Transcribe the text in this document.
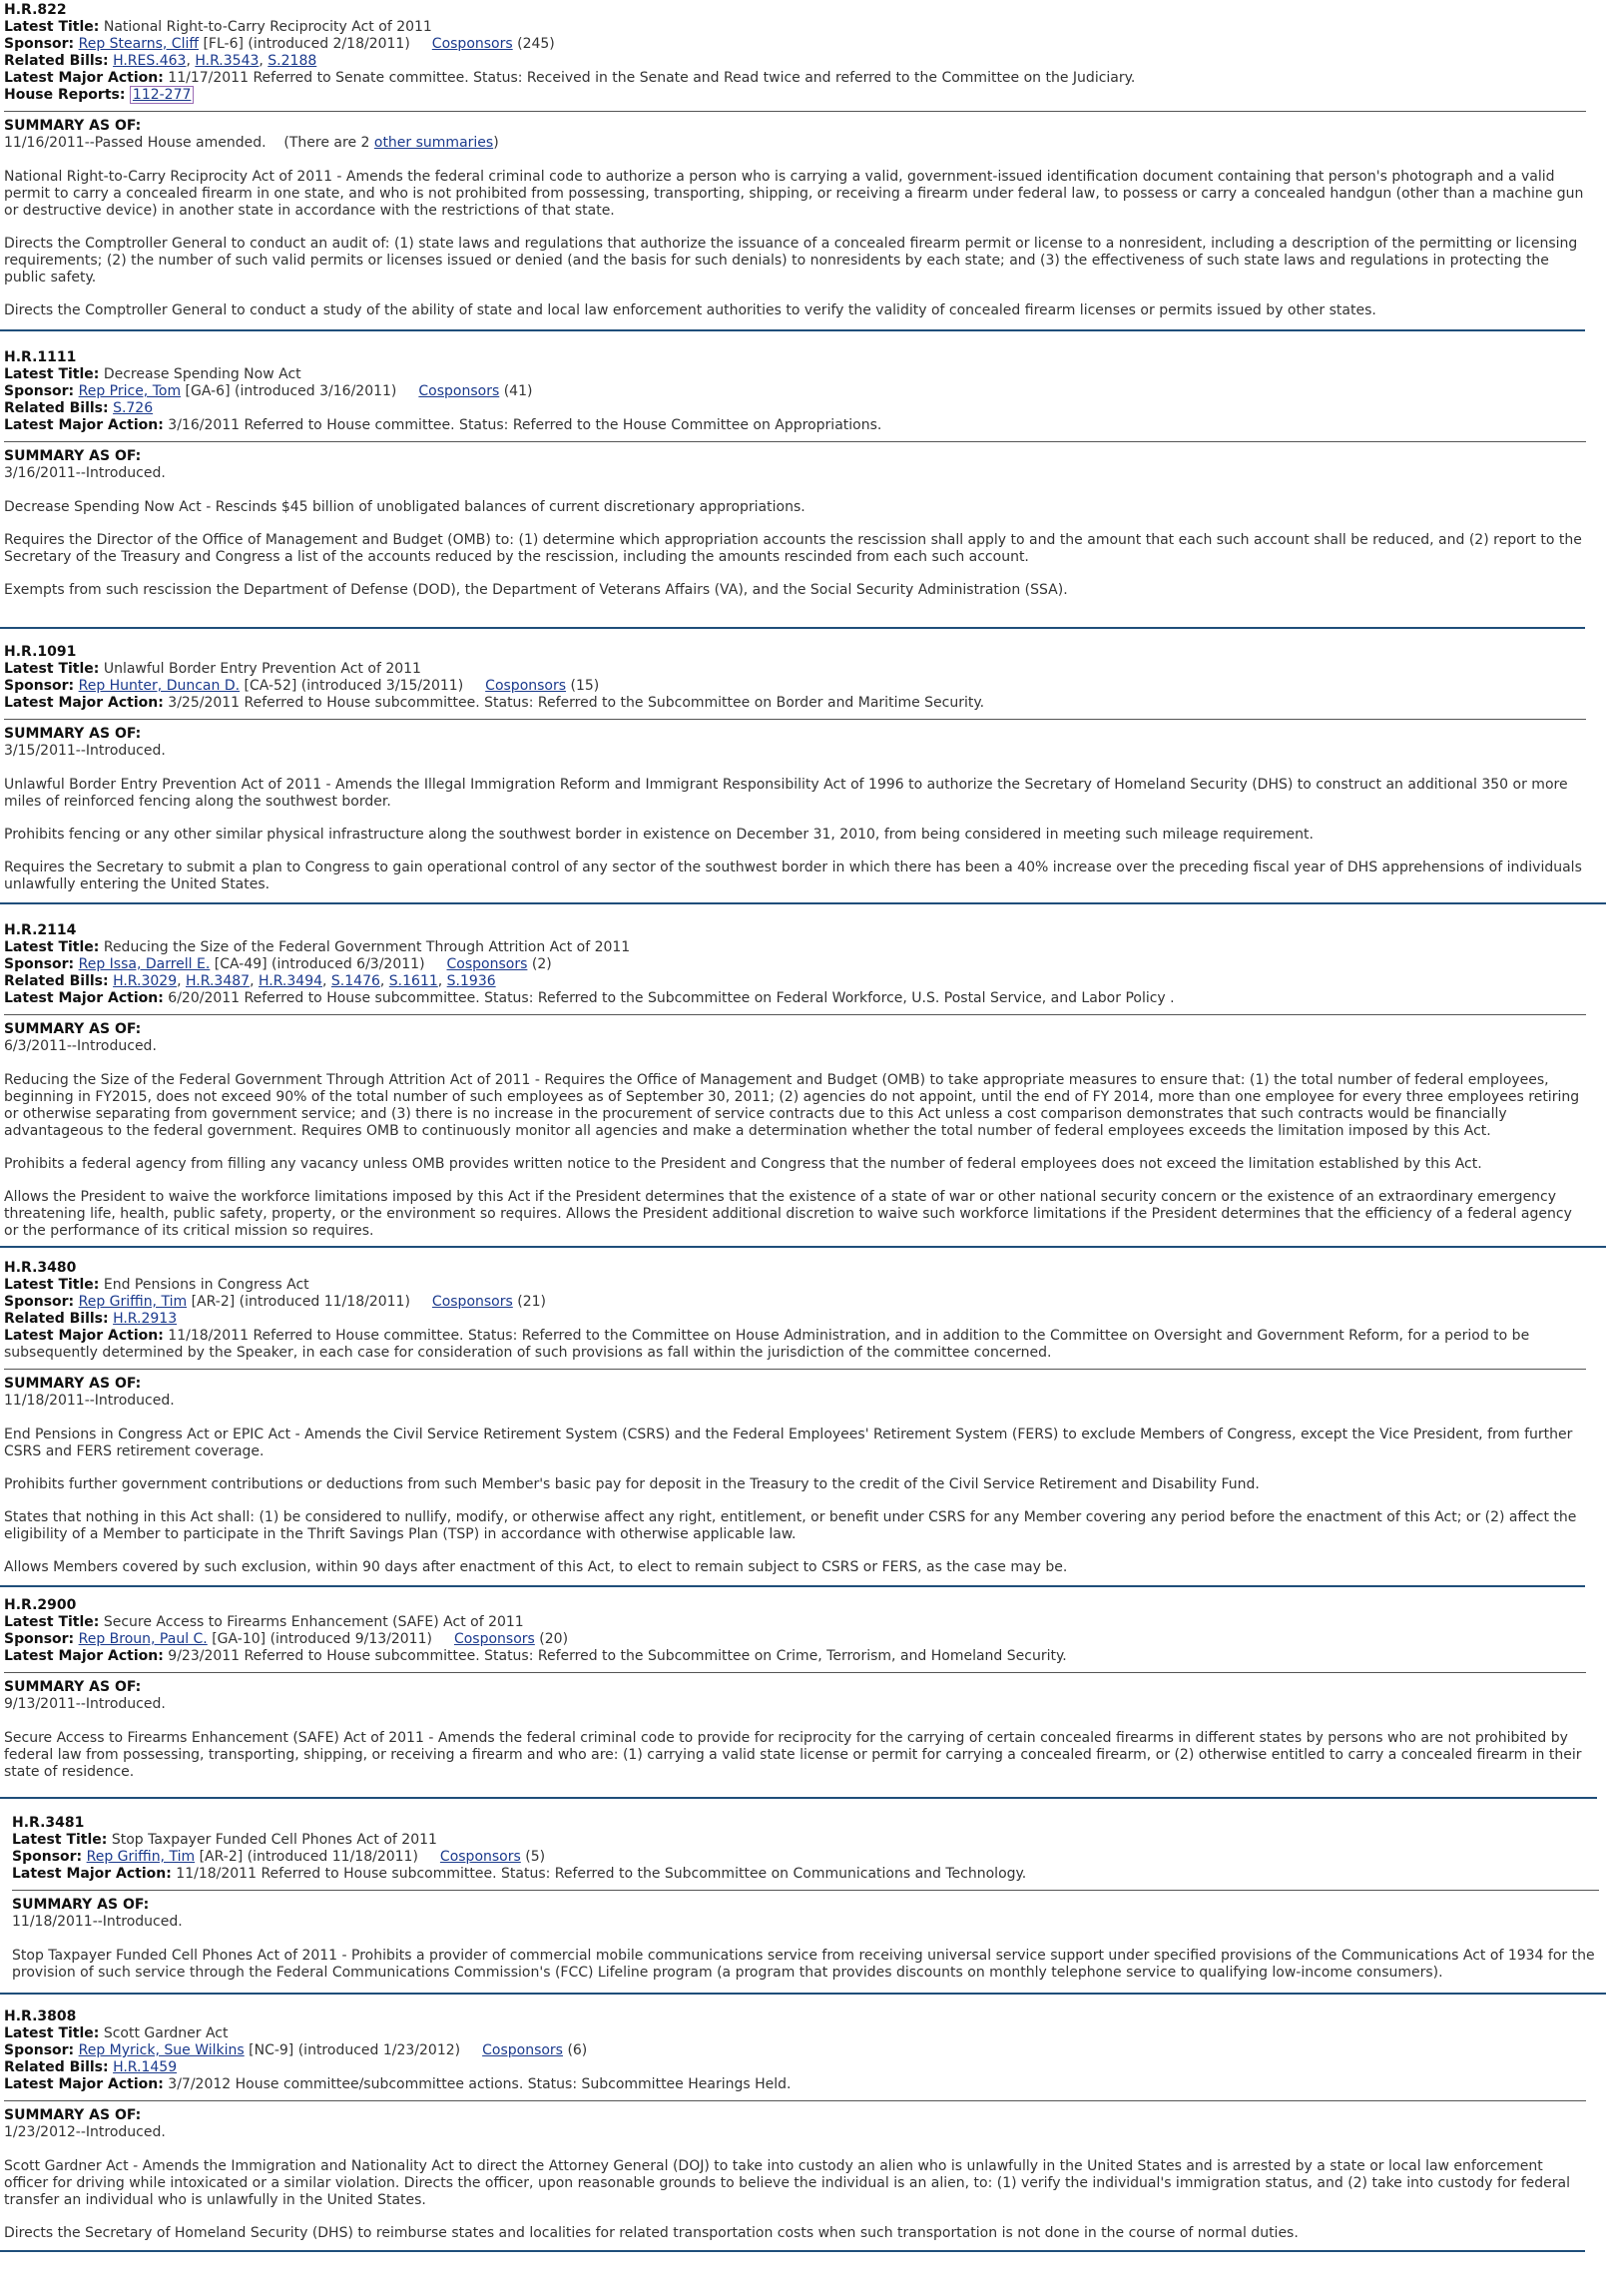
H.R.822
Latest Title: National Right-to-Carry Reciprocity Act of 2011
Sponsor: Rep Stearns, Cliff [FL-6] (introduced 2/18/2011) Cosponsors (245)
Related Bills: H.RES.463, H.R.3543, S.2188
Latest Major Action: 11/17/2011 Referred to Senate committee. Status: Received in the Senate and Read twice and referred to the Committee on the Judiciary.
House Reports: 112-277
SUMMARY AS OF:
11/16/2011--Passed House amended. (There are 2 other summaries)

National Right-to-Carry Reciprocity Act of 2011 - Amends the federal criminal code to authorize a person who is carrying a valid, government-issued identification document containing that person's photograph and a valid permit to carry a concealed firearm in one state, and who is not prohibited from possessing, transporting, shipping, or receiving a firearm under federal law, to possess or carry a concealed handgun (other than a machine gun or destructive device) in another state in accordance with the restrictions of that state.

Directs the Comptroller General to conduct an audit of: (1) state laws and regulations that authorize the issuance of a concealed firearm permit or license to a nonresident, including a description of the permitting or licensing requirements; (2) the number of such valid permits or licenses issued or denied (and the basis for such denials) to nonresidents by each state; and (3) the effectiveness of such state laws and regulations in protecting the public safety.

Directs the Comptroller General to conduct a study of the ability of state and local law enforcement authorities to verify the validity of concealed firearm licenses or permits issued by other states.

H.R.1111
Latest Title: Decrease Spending Now Act
Sponsor: Rep Price, Tom [GA-6] (introduced 3/16/2011) Cosponsors (41)
Related Bills: S.726
Latest Major Action: 3/16/2011 Referred to House committee. Status: Referred to the House Committee on Appropriations.
SUMMARY AS OF:
3/16/2011--Introduced.

Decrease Spending Now Act - Rescinds $45 billion of unobligated balances of current discretionary appropriations.

Requires the Director of the Office of Management and Budget (OMB) to: (1) determine which appropriation accounts the rescission shall apply to and the amount that each such account shall be reduced, and (2) report to the Secretary of the Treasury and Congress a list of the accounts reduced by the rescission, including the amounts rescinded from each such account.

Exempts from such rescission the Department of Defense (DOD), the Department of Veterans Affairs (VA), and the Social Security Administration (SSA).

H.R.1091
Latest Title: Unlawful Border Entry Prevention Act of 2011
Sponsor: Rep Hunter, Duncan D. [CA-52] (introduced 3/15/2011) Cosponsors (15)
Latest Major Action: 3/25/2011 Referred to House subcommittee. Status: Referred to the Subcommittee on Border and Maritime Security.
SUMMARY AS OF:
3/15/2011--Introduced.

Unlawful Border Entry Prevention Act of 2011 - Amends the Illegal Immigration Reform and Immigrant Responsibility Act of 1996 to authorize the Secretary of Homeland Security (DHS) to construct an additional 350 or more miles of reinforced fencing along the southwest border.

Prohibits fencing or any other similar physical infrastructure along the southwest border in existence on December 31, 2010, from being considered in meeting such mileage requirement.

Requires the Secretary to submit a plan to Congress to gain operational control of any sector of the southwest border in which there has been a 40% increase over the preceding fiscal year of DHS apprehensions of individuals unlawfully entering the United States.

H.R.2114
Latest Title: Reducing the Size of the Federal Government Through Attrition Act of 2011
Sponsor: Rep Issa, Darrell E. [CA-49] (introduced 6/3/2011) Cosponsors (2)
Related Bills: H.R.3029, H.R.3487, H.R.3494, S.1476, S.1611, S.1936
Latest Major Action: 6/20/2011 Referred to House subcommittee. Status: Referred to the Subcommittee on Federal Workforce, U.S. Postal Service, and Labor Policy .
SUMMARY AS OF:
6/3/2011--Introduced.

Reducing the Size of the Federal Government Through Attrition Act of 2011 - Requires the Office of Management and Budget (OMB) to take appropriate measures to ensure that: (1) the total number of federal employees, beginning in FY2015, does not exceed 90% of the total number of such employees as of September 30, 2011; (2) agencies do not appoint, until the end of FY 2014, more than one employee for every three employees retiring or otherwise separating from government service; and (3) there is no increase in the procurement of service contracts due to this Act unless a cost comparison demonstrates that such contracts would be financially advantageous to the federal government. Requires OMB to continuously monitor all agencies and make a determination whether the total number of federal employees exceeds the limitation imposed by this Act.

Prohibits a federal agency from filling any vacancy unless OMB provides written notice to the President and Congress that the number of federal employees does not exceed the limitation established by this Act.

Allows the President to waive the workforce limitations imposed by this Act if the President determines that the existence of a state of war or other national security concern or the existence of an extraordinary emergency threatening life, health, public safety, property, or the environment so requires. Allows the President additional discretion to waive such workforce limitations if the President determines that the efficiency of a federal agency or the performance of its critical mission so requires.

H.R.3480
Latest Title: End Pensions in Congress Act
Sponsor: Rep Griffin, Tim [AR-2] (introduced 11/18/2011) Cosponsors (21)
Related Bills: H.R.2913
Latest Major Action: 11/18/2011 Referred to House committee. Status: Referred to the Committee on House Administration, and in addition to the Committee on Oversight and Government Reform, for a period to be subsequently determined by the Speaker, in each case for consideration of such provisions as fall within the jurisdiction of the committee concerned.
SUMMARY AS OF:
11/18/2011--Introduced.

End Pensions in Congress Act or EPIC Act - Amends the Civil Service Retirement System (CSRS) and the Federal Employees' Retirement System (FERS) to exclude Members of Congress, except the Vice President, from further CSRS and FERS retirement coverage.

Prohibits further government contributions or deductions from such Member's basic pay for deposit in the Treasury to the credit of the Civil Service Retirement and Disability Fund.

States that nothing in this Act shall: (1) be considered to nullify, modify, or otherwise affect any right, entitlement, or benefit under CSRS for any Member covering any period before the enactment of this Act; or (2) affect the eligibility of a Member to participate in the Thrift Savings Plan (TSP) in accordance with otherwise applicable law.

Allows Members covered by such exclusion, within 90 days after enactment of this Act, to elect to remain subject to CSRS or FERS, as the case may be.

H.R.2900
Latest Title: Secure Access to Firearms Enhancement (SAFE) Act of 2011
Sponsor: Rep Broun, Paul C. [GA-10] (introduced 9/13/2011) Cosponsors (20)
Latest Major Action: 9/23/2011 Referred to House subcommittee. Status: Referred to the Subcommittee on Crime, Terrorism, and Homeland Security.
SUMMARY AS OF:
9/13/2011--Introduced.

Secure Access to Firearms Enhancement (SAFE) Act of 2011 - Amends the federal criminal code to provide for reciprocity for the carrying of certain concealed firearms in different states by persons who are not prohibited by federal law from possessing, transporting, shipping, or receiving a firearm and who are: (1) carrying a valid state license or permit for carrying a concealed firearm, or (2) otherwise entitled to carry a concealed firearm in their state of residence.

H.R.3481
Latest Title: Stop Taxpayer Funded Cell Phones Act of 2011
Sponsor: Rep Griffin, Tim [AR-2] (introduced 11/18/2011) Cosponsors (5)
Latest Major Action: 11/18/2011 Referred to House subcommittee. Status: Referred to the Subcommittee on Communications and Technology.
SUMMARY AS OF:
11/18/2011--Introduced.

Stop Taxpayer Funded Cell Phones Act of 2011 - Prohibits a provider of commercial mobile communications service from receiving universal service support under specified provisions of the Communications Act of 1934 for the provision of such service through the Federal Communications Commission's (FCC) Lifeline program (a program that provides discounts on monthly telephone service to qualifying low-income consumers).

H.R.3808
Latest Title: Scott Gardner Act
Sponsor: Rep Myrick, Sue Wilkins [NC-9] (introduced 1/23/2012) Cosponsors (6)
Related Bills: H.R.1459
Latest Major Action: 3/7/2012 House committee/subcommittee actions. Status: Subcommittee Hearings Held.
SUMMARY AS OF:
1/23/2012--Introduced.

Scott Gardner Act - Amends the Immigration and Nationality Act to direct the Attorney General (DOJ) to take into custody an alien who is unlawfully in the United States and is arrested by a state or local law enforcement officer for driving while intoxicated or a similar violation. Directs the officer, upon reasonable grounds to believe the individual is an alien, to: (1) verify the individual's immigration status, and (2) take into custody for federal transfer an individual who is unlawfully in the United States.

Directs the Secretary of Homeland Security (DHS) to reimburse states and localities for related transportation costs when such transportation is not done in the course of normal duties.
